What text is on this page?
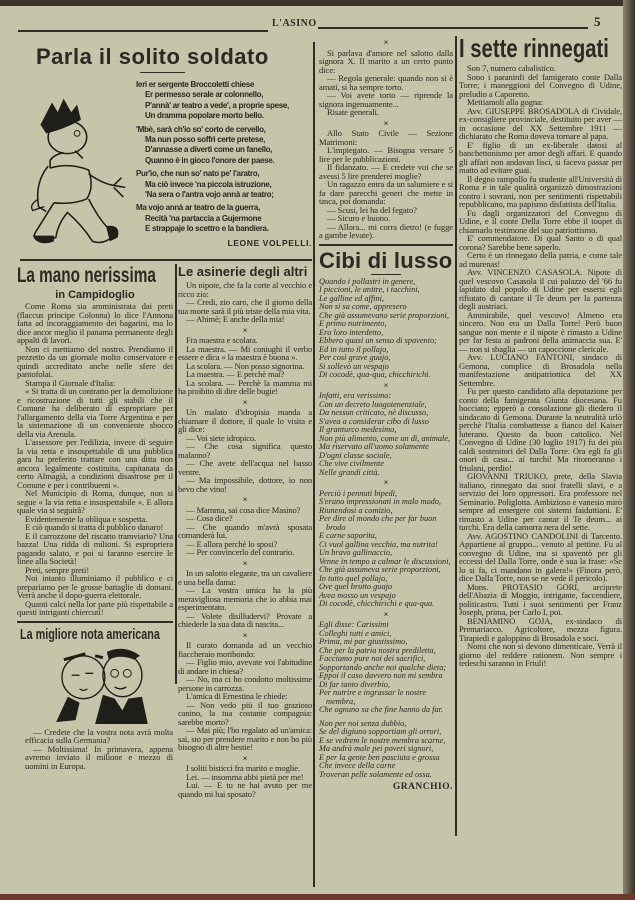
L'ASINO	5
Parla il solito soldato
Ieri er sergente Broccoletti chiese
Er permesso serale ar colonnello,
P'annà' ar teatro a vede', a proprie spese,
Un dramma popolare morto bello.
'Mbè, sarà ch'io so' corto de cervello,
Ma nun posso soffrì certe pretese,
D'annasse a divertì come un fanello,
Quanno è in gioco l'onore der paese.
Pur'io, che nun so' nato pe' l'aratro,
Ma ciò invece 'na piccola istruzione,
'Na sera o l'antra vojo annà ar teatro;
Ma vojo annà ar teatro de la guerra,
Recità 'na partaccia a Gujermone
E strappaje lo scettro e la bandiera.
LEONE VOLPELLI.

×

Si parlava d'amore nel salotto dalla signora X. Il marito a un certo punto dice:

— Regola generale: quando non si è amati, si ha sempre torto.

— Voi avete torto — riprende la signora ingenuamente...

Risate generali.

×

Allo Stato Civile — Sezione Matrimoni:

L'impiegato. — Bisogna versare 5 lire per le pubblicazioni.

Il fidanzato. — E credete voi che se avessi 5 lire prenderei moglie?

Un ragazzo entra da un salumiere e si fa dare parecchi generi che mette in tasca, poi domanda:

— Scusi, lei ha del fegato?

— Sicuro e buono.

— Allora... mi corra dietro! (e fugge a gambe levate).

Cibi di lusso

Quando i pollastri in genere,

I piccioni, le anitre, i tacchini,

Le galline ed affini,

Non si sa come, appresero

Che già assumevano serie proporzioni,

E primo nutrimento,

Era loro interdetto,

Ebbero quasi un senso di spavento;

Ed in tutto il pollajo,

Per così grave guajo,

Si sollevò un vespajo

Di cocodè, qua-qua, chicchirichi.

×

Infatti, era verissimo:

Con un decreto luogotenenziale,

Da nessun criticato, nè discusso,

S'avea a considerar cibo di lusso

Il granturco medesimo,

Non più alimento, come un dì, animale,

Ma riservato all'uomo solamente

D'ogni classe sociale,

Che vive civilmente

Nelle grandi città.

×

Perciò i pennuti bipedi,

S'erano impressionati in malo modo,

Riunendosi a comizio,

Per dire al mondo che per far buon brodo

E carne saporita,

Ci vuol gallina vecchia, ma nutrita!

Un bravo gallinaccio,

Venne in tempo a calmar le discussioni,

Che già assumeva serie proporzioni,

In tutto quel pollajo,

Ove quel brutto guajo

Avea mosso un vespajo

Di cocodè, chicchirichi e qua-qua.

×

Egli disse: Carissimi

Colleghi tutti e amici,

Prima, mi par giustissimo,

Che per la patria nostra prediletta,

Facciamo pure noi dei sacrifici,

Sopportando anche noi qualche dieta;

Eppoi il caso davvero non mi sembra

Di far tanto diverbio,

Per nutrire e ingrassar le nostre membra,

Che ognuno sa che fine hanno da far.

Non per noi senza dubbio,

Se del digiuno sopportiam gli orrori,

E se vedrem le nostre membra scarne,

Ma andrà male pei poveri signori,

E per la gente ben pasciuta e grossa

Che invece della carne

Troveran pelle solamente ed ossa.

GRANCHIO.
I sette rinnegati

Son 7, numero cabalistico.

Sono i paraninfi del famigerato conte Dalla Torre; i maneggioni del Convegno di Udine, preludio a Caporetto.

Mettiamoli alla gogna:

Avv. GIUSEPPE BROSADOLA di Cividale, ex-consigliere provinciale, destituito per aver — in occasione del XX Settembre 1911 — dichiarato che Roma doveva tornare al papa.

E' figlio di un ex-liberale datosi al banchettonismo per amor degli affari. E quando gli affari non andavan lisci, si faceva passar per matto ad evitare guai.

Il degno rampollo fu studente all'Università di Roma e in tale qualità organizzò dimostrazioni contro i sovrani, non per sentimenti rispettabili repubblicano, ma papismo disfattista dell'Italia.

Fu dagli organizzatori del Convegno di Udine, e il conte Della Torre ebbe il toupet di chiamarlo testimone del suo patriottismo.

E' commendatore. Di qual Santo o di qual corona? Sarebbe bene saperlo.

Certo è un rinnegato della patria, e come tale ad murenas!

Avv. VINCENZO CASASOLA. Nipote di quel vescovo Casasola il cui palazzo del '66 fu lapidato dal popolo di Udine per essersi egli rifiutato di cantare il Te deum per la partenza degli austriaci.

Ammirabile, quel vescovo! Almeno era sincero. Non era un Dalla Torre! Però buon sangue non mente e il nipote è rimasto a Udine per far festa ai padroni della animaccia sua. E' — non si sbaglia — un capoccione clericale.

Avv. LUCIANO FANTONI, sindaco di Gemona, complice di Brosadola nella manifestazione antipatriottica del XX Settembre.

Fu per questo candidato alla deputazione per conto della famigerata Giunta diocesana. Fu bocciato; epperò a consolazione gli diedero il sindacato di Gemona. Durante la neutralità urlò perchè l'Italia combattesse a fianco del Kaiser luterano. Questo da buon cattolico. Nel Convegno di Udine (30 luglio 1917) fu dei più caldi sostenitori del Dalla Torre. Ora egli fa gli onori di casa... ai turchi! Ma ritorneranno i friulani, perdio!

GIOVANNI TRIUKO, prete, della Slavia italiano, rinnegato dai suoi fratelli slavi, e a servizio dei loro oppressori. Era professore nel Seminario. Poliglotta. Ambizioso e vanesio mirò sempre ad emergere coi sistemi faiduttiani. E' rimasto a Udine per cantar il Te deum... ai turchi. Era della camorra nera del sette.

Avv. AGOSTINO CANDOLINI di Tarcento. Appartiene al gruppo... venuto al pettine. Fu al convegno di Udine, ma si spaventò per gli eccessi del Dalla Torre, onde è sua la frase: «Se lo si fa, ci mandano in galera!» (Finora però, dice Dalla Torre, non se ne vede il pericolo).

Mons. PROTASIO GORI, arciprete dell'Abazia di Moggio, intrigante, faccendiere, politicastro. Tutti i suoi sentimenti per Franz Joseph, prima, per Carlo I, poi.

BENIAMINO GOJA, ex-sindaco di Premariacco. Agricoltore, mezza figura. Tirapiedi e galoppino di Brosadola e soci.

Nomi che non si devono dimenticare. Verrà il giorno del reddere rationem. Non sempre i tedeschi saranno in Friuli!

La mano nerissima
in Campidoglio

Come Roma sia amministrata dai preti (flaccus principe Colonna) lo dice l'Annona fatta ad incoraggiamento dei bagarini, ma lo dice ancor meglio il panama permanente degli appalti di lavori.

Non ci mettiamo del nostro. Prendiamo il pezzetto da un giornale molto conservatore e quindi accreditato anche nelle sfere dei pantofolai.

Stampa il Giornale d'Italia:

« Si tratta di un contratto per la demolizione e ricostruzione di tutti gli stabili che il Comune ha deliberato di espropriare per l'allargamento della via Torre Argentina e per la sistemazione di un conveniente sbocco della via Arenula.

L'assessore per l'edilizia, invece di seguire la via retta e insospettabile di una pubblica gara ha preferito trattare con una ditta non ancora legalmente costituita, capitanata da certo Almagià, a condizioni disastrose per il Comune e per i contribuenti ».

Nel Municipio di Roma, dunque, non si segue « la via retta e insospettabile ». E allora quale via si seguirà?

Evidentemente la obliqua e sospetta.

E ciò quando si tratta di pubblico danaro!

E il carrozzone del riscatto tramviario? Una bazza! Una ridda di milioni. Si espropriera pagando salato, e poi si faranno esercire le linee alla Società!

Preti, sempre preti!

Noi intanto illuminiamo il pubblico e ci prepariamo per le grosse battaglie di domani. Verrà anche il dopo-guerra elettorale.

Quanti calci nella lor parte più rispettabile a questi intriganti chiercuti!

La migliore nota americana

— Credete che la vostra nota avrà molta efficacia sulla Germania?

— Moltissima! In primavera, appena avremo inviato il milione e mezzo di uomini in Europa.

Le asinerie degli altri

Un nipote, che fa la corte al vecchio e ricco zio:

— Credi, zio caro, che il giorno della tua morte sarà il più triste della mia vita.

— Ahimè; E anche della mia!

×

Fra maestra e scolara.

La maestra. — Mi coniughi il verbo essere e dica « la maestra è buona ».

La scolara. — Non posso signorina.

La maestra. — E perchè mai?

La scolara. — Perchè la mamma mi ha proibito di dire delle bugie!

×

Un malato d'idropisia manda a chiamare il dottore, il quale lo visita e gli dice:

— Voi siete idropico.

— Che cosa significa questo malanno?

— Che avete dell'acqua nel basso ventre.

— Ma impossibile, dottore, io non bevo che vino!

×

— Mamma, sai cosa dice Masino?

— Cosa dice?

— Che quando m'avrà sposata comanderà lui.

— E allora perchè lo sposi?

— Per convincerlo del contrario.

×

In un salotto elegante, tra un cavaliere e una bella dama:

— La vostra amica ha la più meravigliosa memoria che io abbia mai esperimentato.

— Volete disilludervi? Provate a chiederle la sua data di nascita...

×

Il curato domanda ad un vecchio fiaccheraio moribondo:

— Figlio mio, avevate voi l'abitudine di andare in chiesa?

— No, ma ci ho condotto moltissime persone in carrozza.

L'amica di Ernestina le chiede:

— Non vedo più il tuo grazioso canino, la tua costante compagnia: sarebbe morto?

— Mai più; l'ho regalato ad un'amica: sai, sto per prendere marito e non ho più bisogno di altre bestie!

×

I soliti bisticci fra marito e moglie.

Lei. — insomma abbi pietà per me!

Lui. — E tu ne hai avuto per me quando mi hai sposato?
